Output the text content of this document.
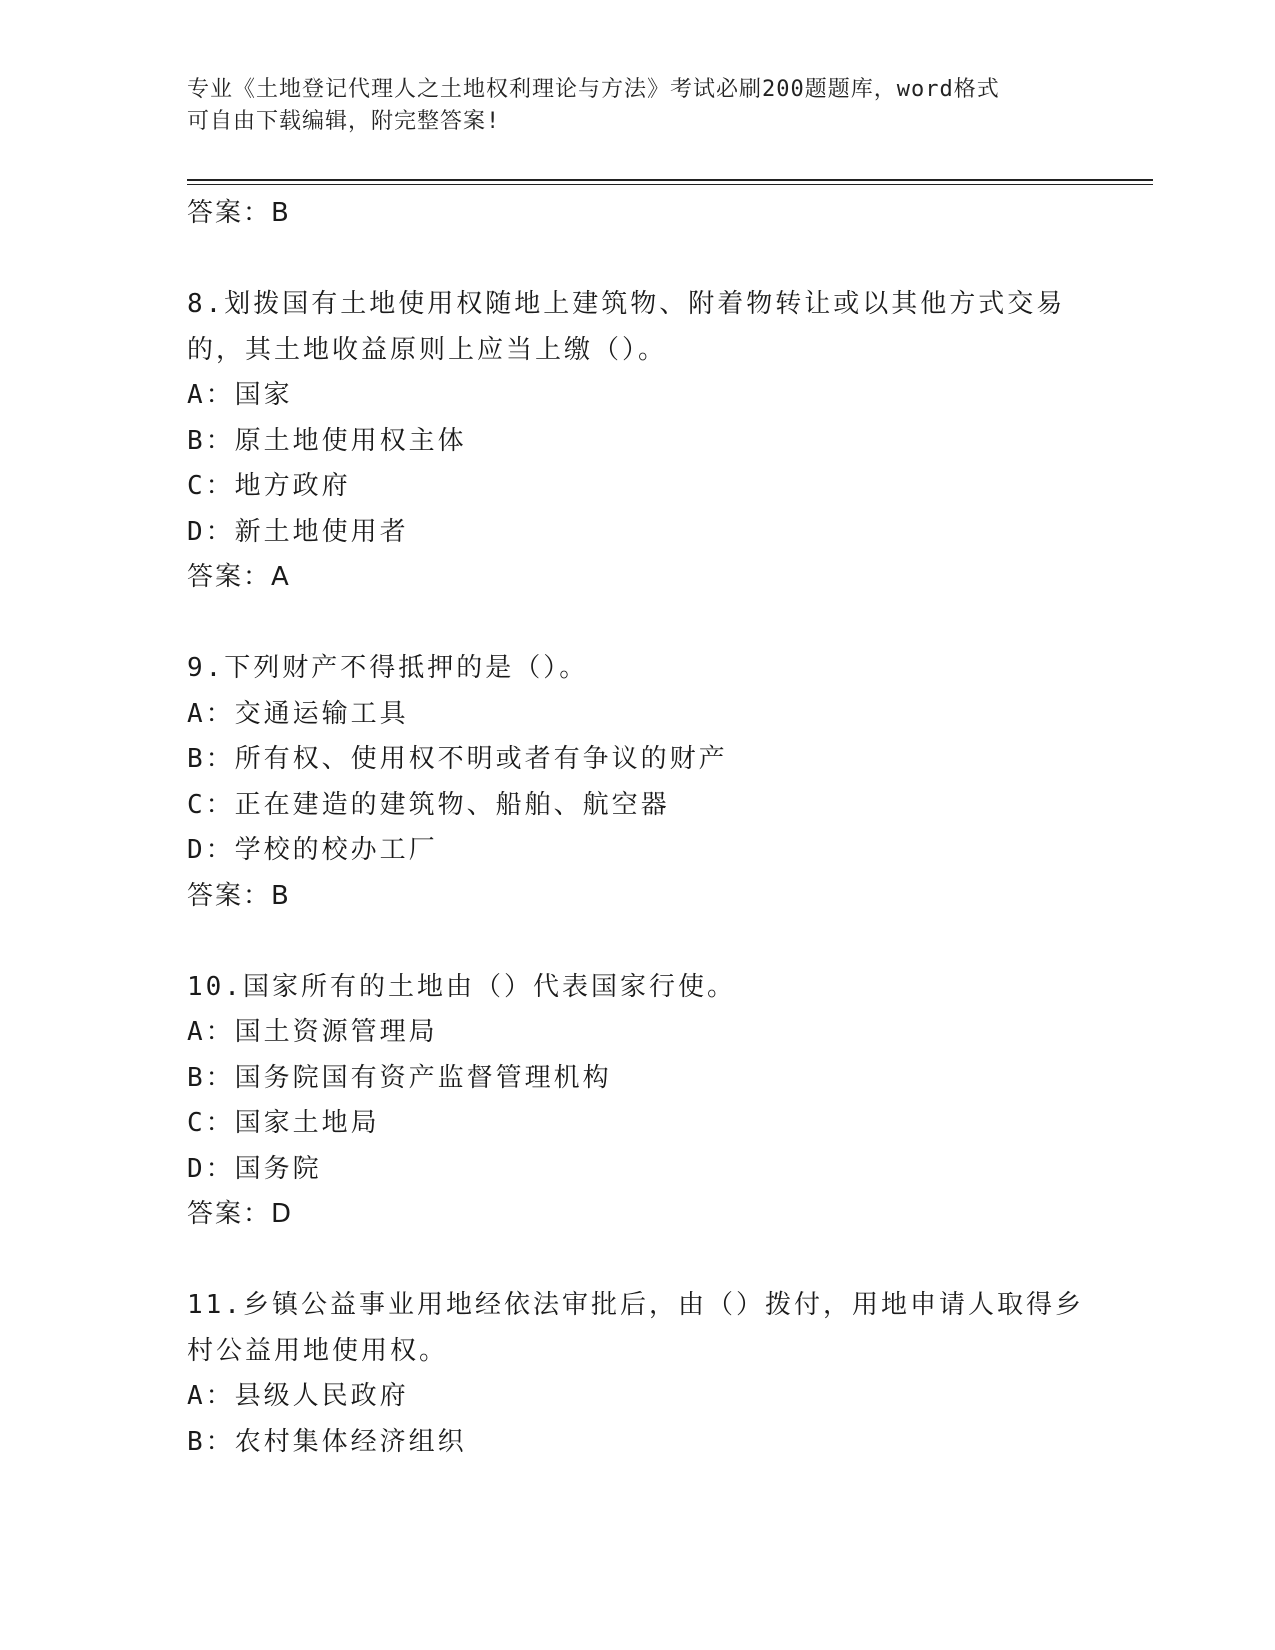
专业《土地登记代理人之土地权利理论与方法》考试必刷200题题库，word格式
可自由下载编辑，附完整答案!
答案：B
8.划拨国有土地使用权随地上建筑物、附着物转让或以其他方式交易
的，其土地收益原则上应当上缴（）。
A：国家
B：原土地使用权主体
C：地方政府
D：新土地使用者
答案：A
9.下列财产不得抵押的是（）。
A：交通运输工具
B：所有权、使用权不明或者有争议的财产
C：正在建造的建筑物、船舶、航空器
D：学校的校办工厂
答案：B
10.国家所有的土地由（）代表国家行使。
A：国土资源管理局
B：国务院国有资产监督管理机构
C：国家土地局
D：国务院
答案：D
11.乡镇公益事业用地经依法审批后，由（）拨付，用地申请人取得乡
村公益用地使用权。
A：县级人民政府
B：农村集体经济组织
